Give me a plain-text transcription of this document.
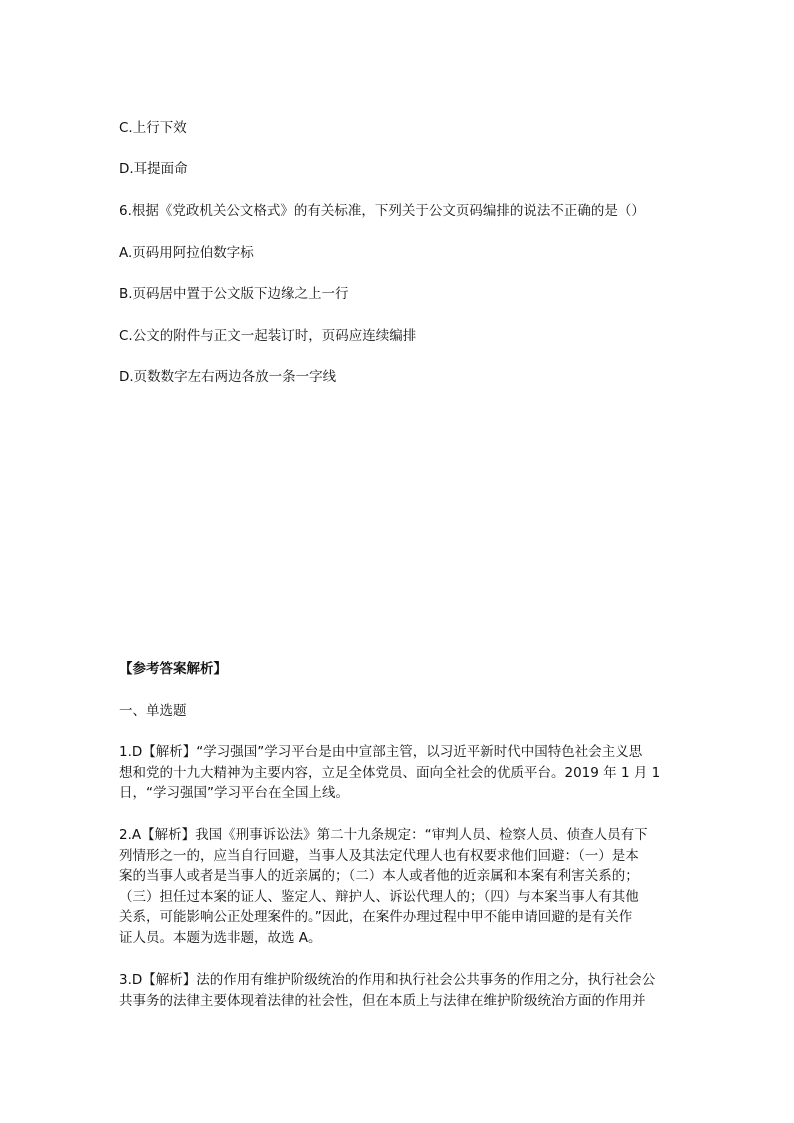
C.上行下效
D.耳提面命
6.根据《党政机关公文格式》的有关标准，下列关于公文页码编排的说法不正确的是（）
A.页码用阿拉伯数字标
B.页码居中置于公文版下边缘之上一行
C.公文的附件与正文一起装订时，页码应连续编排
D.页数数字左右两边各放一条一字线
【参考答案解析】
一、单选题

1.D【解析】“学习强国”学习平台是由中宣部主管，以习近平新时代中国特色社会主义思

想和党的十九大精神为主要内容，立足全体党员、面向全社会的优质平台。2019 年 1 月 1

日，“学习强国”学习平台在全国上线。

2.A【解析】我国《刑事诉讼法》第二十九条规定：“审判人员、检察人员、侦查人员有下

列情形之一的，应当自行回避，当事人及其法定代理人也有权要求他们回避：（一）是本

案的当事人或者是当事人的近亲属的；（二）本人或者他的近亲属和本案有利害关系的；

（三）担任过本案的证人、鉴定人、辩护人、诉讼代理人的；（四）与本案当事人有其他

关系，可能影响公正处理案件的。”因此，在案件办理过程中甲不能申请回避的是有关作

证人员。本题为选非题，故选 A。

3.D【解析】法的作用有维护阶级统治的作用和执行社会公共事务的作用之分，执行社会公

共事务的法律主要体现着法律的社会性，但在本质上与法律在维护阶级统治方面的作用并
